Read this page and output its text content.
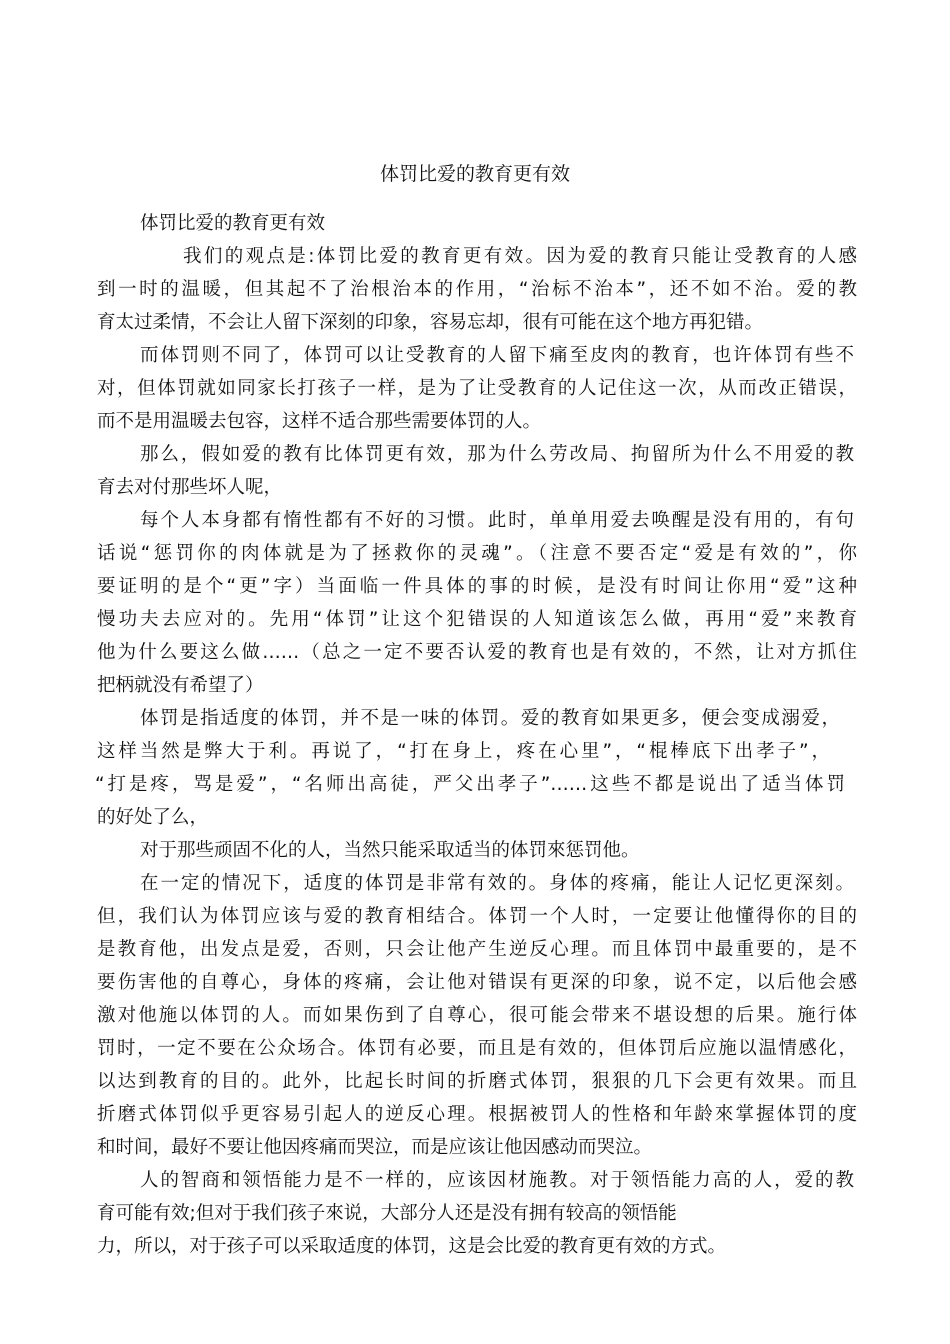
体罚比爱的教育更有效
体罚比爱的教育更有效
我们的观点是:体罚比爱的教育更有效。因为爱的教育只能让受教育的人感
到一时的温暖，但其起不了治根治本的作用，“治标不治本”，还不如不治。爱的教
育太过柔情，不会让人留下深刻的印象，容易忘却，很有可能在这个地方再犯错。
而体罚则不同了，体罚可以让受教育的人留下痛至皮肉的教育，也许体罚有些不
对，但体罚就如同家长打孩子一样，是为了让受教育的人记住这一次，从而改正错误，
而不是用温暖去包容，这样不适合那些需要体罚的人。
那么，假如爱的教有比体罚更有效，那为什么劳改局、拘留所为什么不用爱的教
育去对付那些坏人呢，
每个人本身都有惰性都有不好的习惯。此时，单单用爱去唤醒是没有用的，有句
话说“惩罚你的肉体就是为了拯救你的灵魂”。（注意不要否定“爱是有效的”，你
要证明的是个“更”字）当面临一件具体的事的时候，是没有时间让你用“爱”这种
慢功夫去应对的。先用“体罚”让这个犯错误的人知道该怎么做，再用“爱”来教育
他为什么要这么做……（总之一定不要否认爱的教育也是有效的，不然，让对方抓住
把柄就没有希望了）
体罚是指适度的体罚，并不是一味的体罚。爱的教育如果更多，便会变成溺爱，
这样当然是弊大于利。再说了，“打在身上，疼在心里”，“棍棒底下出孝子”，
“打是疼，骂是爱”，“名师出高徒，严父出孝子”……这些不都是说出了适当体罚
的好处了么，
对于那些顽固不化的人，当然只能采取适当的体罚來惩罚他。
在一定的情况下，适度的体罚是非常有效的。身体的疼痛，能让人记忆更深刻。
但，我们认为体罚应该与爱的教育相结合。体罚一个人时，一定要让他懂得你的目的
是教育他，出发点是爱，否则，只会让他产生逆反心理。而且体罚中最重要的，是不
要伤害他的自尊心，身体的疼痛，会让他对错误有更深的印象，说不定，以后他会感
激对他施以体罚的人。而如果伤到了自尊心，很可能会带来不堪设想的后果。施行体
罚时，一定不要在公众场合。体罚有必要，而且是有效的，但体罚后应施以温情感化，
以达到教育的目的。此外，比起长时间的折磨式体罚，狠狠的几下会更有效果。而且
折磨式体罚似乎更容易引起人的逆反心理。根据被罚人的性格和年龄來掌握体罚的度
和时间，最好不要让他因疼痛而哭泣，而是应该让他因感动而哭泣。
人的智商和领悟能力是不一样的，应该因材施教。对于领悟能力高的人，爱的教
育可能有效;但对于我们孩子來说，大部分人还是没有拥有较高的领悟能
力，所以，对于孩子可以采取适度的体罚，这是会比爱的教育更有效的方式。
